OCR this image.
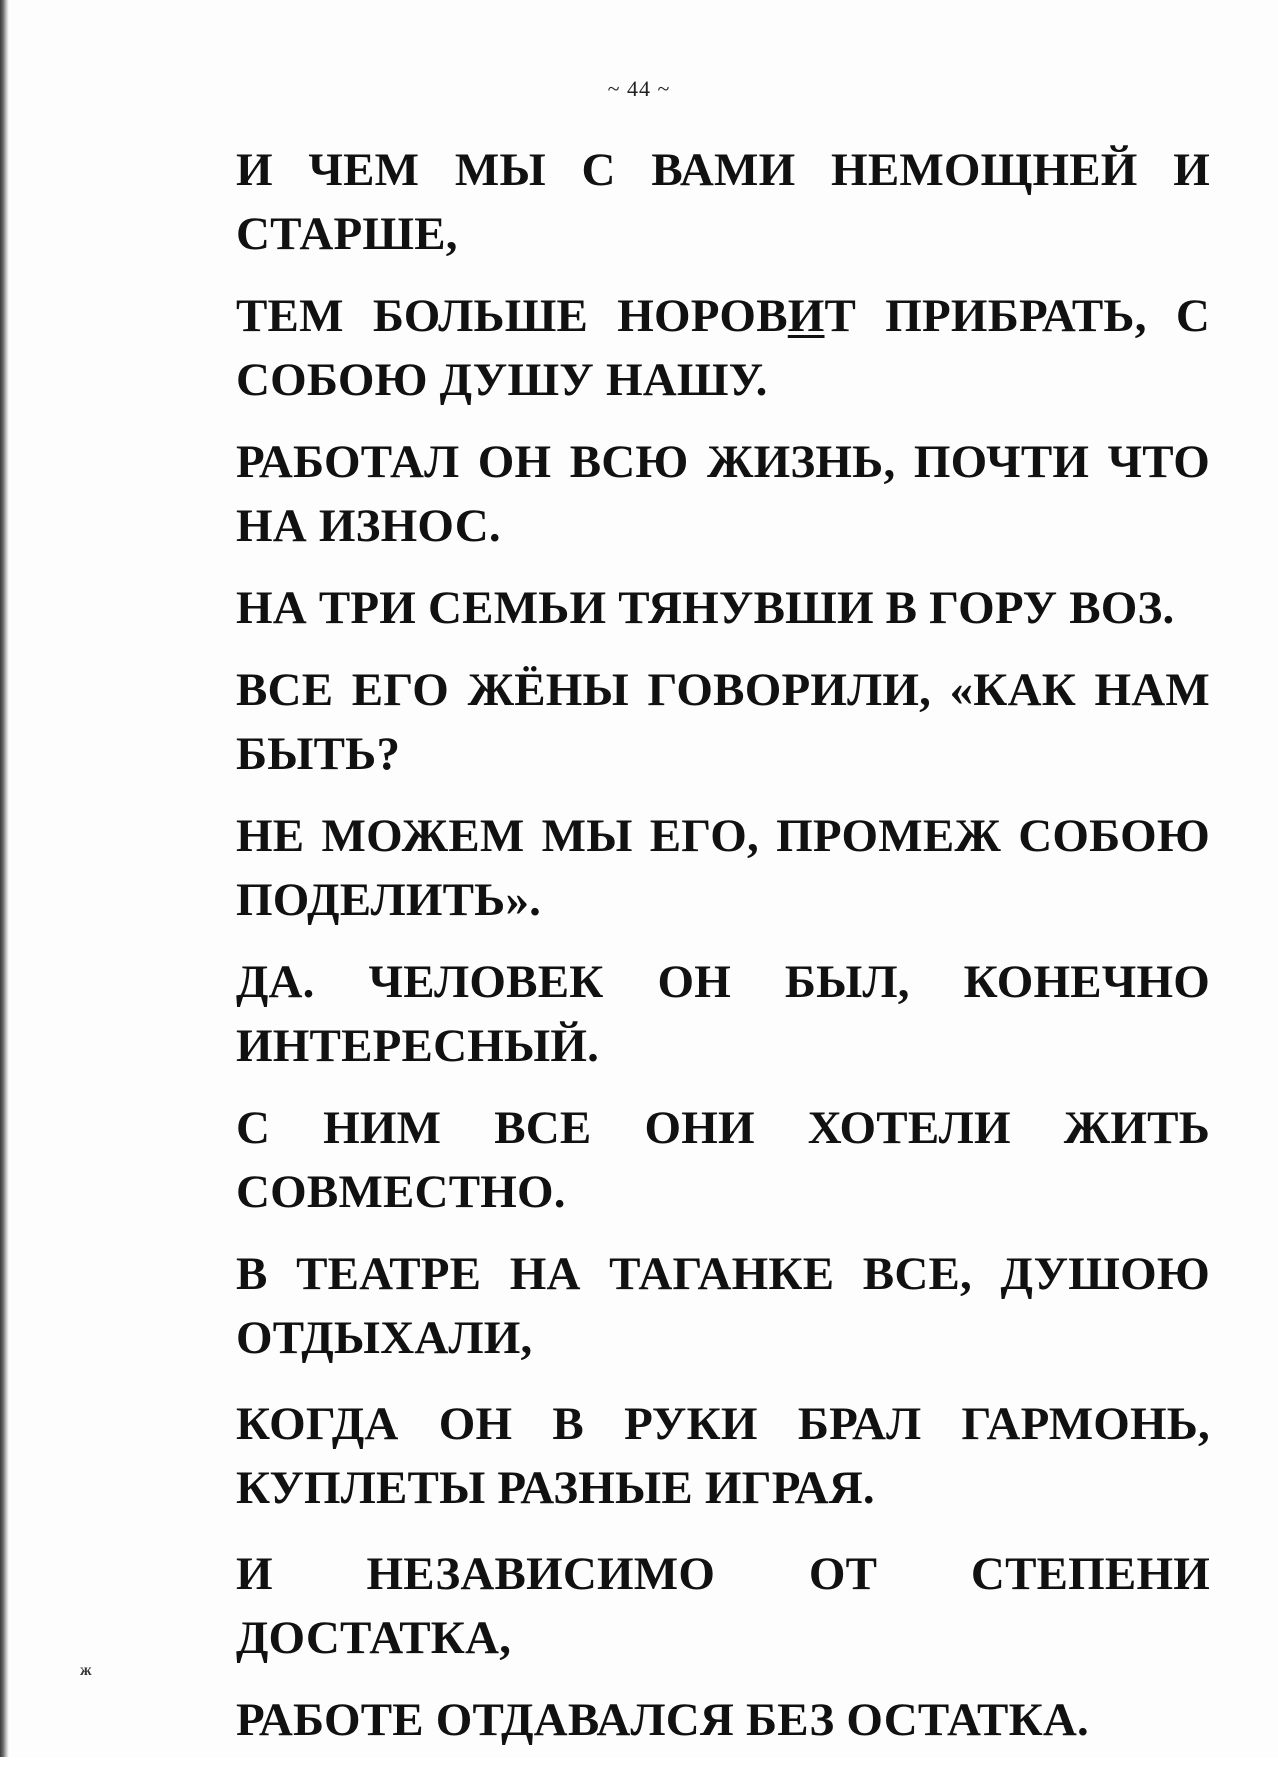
~ 44 ~

И ЧЕМ МЫ С ВАМИ НЕМОЩНЕЙ И СТАРШЕ,

ТЕМ БОЛЬШЕ НОРОВИТ ПРИБРАТЬ, С СОБОЮ ДУШУ НАШУ.

РАБОТАЛ ОН ВСЮ ЖИЗНЬ, ПОЧТИ ЧТО НА ИЗНОС.

НА ТРИ СЕМЬИ ТЯНУВШИ В ГОРУ ВОЗ.

ВСЕ ЕГО ЖЁНЫ ГОВОРИЛИ, «КАК НАМ БЫТЬ?

НЕ МОЖЕМ МЫ ЕГО, ПРОМЕЖ СОБОЮ ПОДЕЛИТЬ».

ДА. ЧЕЛОВЕК ОН БЫЛ, КОНЕЧНО ИНТЕРЕСНЫЙ.

С НИМ ВСЕ ОНИ ХОТЕЛИ ЖИТЬ СОВМЕСТНО.

В ТЕАТРЕ НА ТАГАНКЕ ВСЕ, ДУШОЮ ОТДЫХАЛИ,

КОГДА ОН В РУКИ БРАЛ ГАРМОНЬ, КУПЛЕТЫ РАЗНЫЕ ИГРАЯ.

И НЕЗАВИСИМО ОТ СТЕПЕНИ ДОСТАТКА,

РАБОТЕ ОТДАВАЛСЯ БЕЗ ОСТАТКА.

ж
